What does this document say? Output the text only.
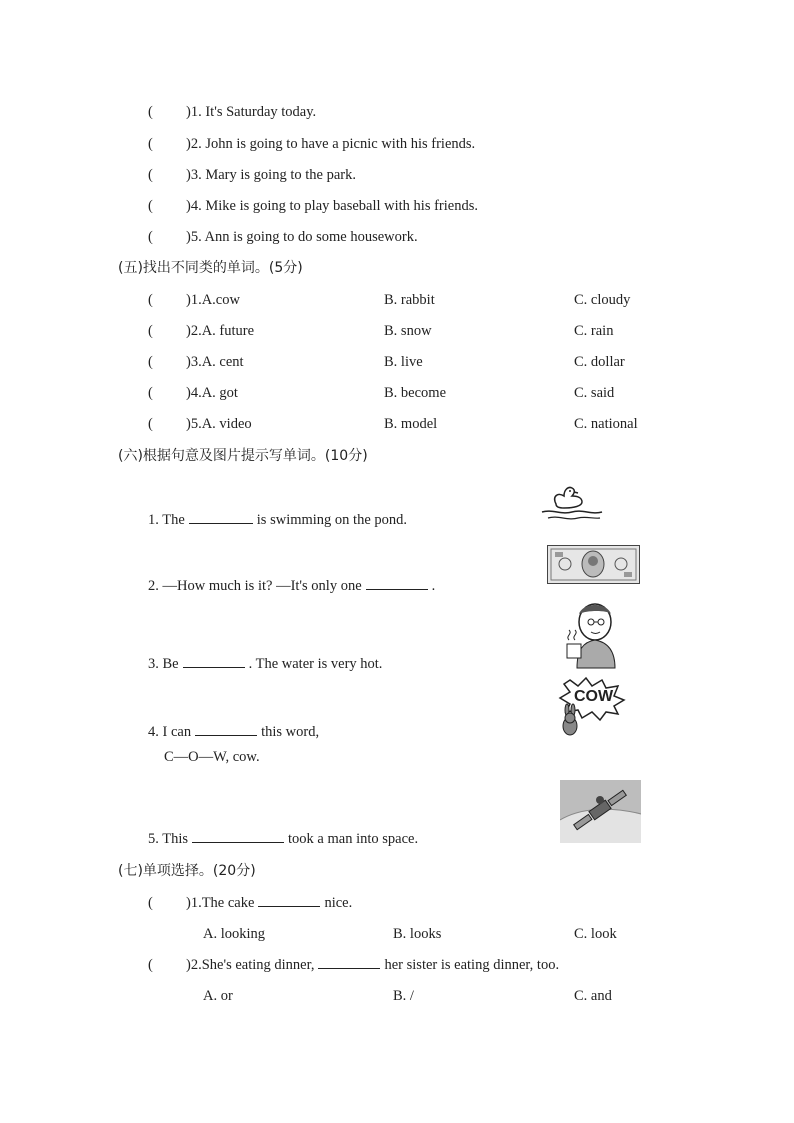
( )1. It's Saturday today.
( )2. John is going to have a picnic with his friends.
( )3. Mary is going to the park.
( )4. Mike is going to play baseball with his friends.
( )5. Ann is going to do some housework.
(五)找出不同类的单词。(5分)
( )1.A.cow	B. rabbit	C. cloudy
( )2.A. future	B. snow	C. rain
( )3.A. cent	B. live	C. dollar
( )4.A. got	B. become	C. said
( )5.A. video	B. model	C. national
(六)根据句意及图片提示写单词。(10分)
1. The	is swimming on the pond.
2. —How much is it? —It's only one	.
3. Be	. The water is very hot.
4. I can	this word,
C—O—W, cow.
COW
5. This	took a man into space.
(七)单项选择。(20分)
( )1.The cake	nice.
A. looking	B. looks	C. look
( )2.She's eating dinner,	her sister is eating dinner, too.
A. or	B. /	C. and
